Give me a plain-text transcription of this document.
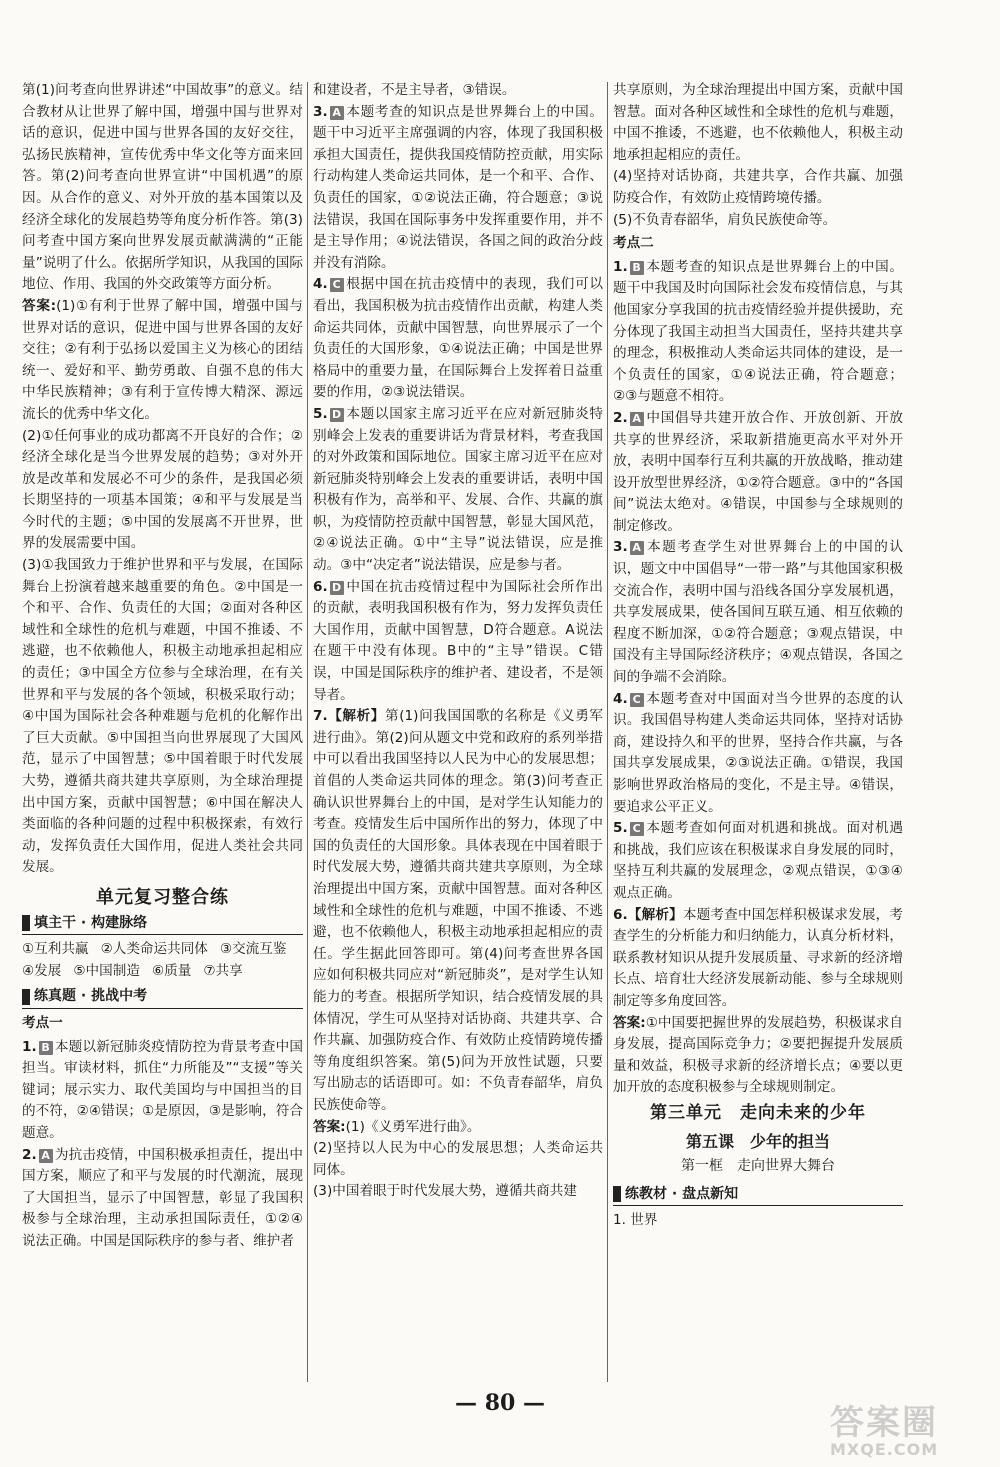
第(1)问考查向世界讲述“中国故事”的意义。结合教材从让世界了解中国，增强中国与世界对话的意识，促进中国与世界各国的友好交往，弘扬民族精神，宣传优秀中华文化等方面来回答。第(2)问考查向世界宣讲“中国机遇”的原因。从合作的意义、对外开放的基本国策以及经济全球化的发展趋势等角度分析作答。第(3)问考查中国方案向世界发展贡献满满的“正能量”说明了什么。依据所学知识，从我国的国际地位、作用、我国的外交政策等方面分析。

答案:(1)①有利于世界了解中国，增强中国与世界对话的意识，促进中国与世界各国的友好交往；②有利于弘扬以爱国主义为核心的团结统一、爱好和平、勤劳勇敢、自强不息的伟大中华民族精神；③有利于宣传博大精深、源远流长的优秀中华文化。

(2)①任何事业的成功都离不开良好的合作；②经济全球化是当今世界发展的趋势；③对外开放是改革和发展必不可少的条件，是我国必须长期坚持的一项基本国策；④和平与发展是当今时代的主题；⑤中国的发展离不开世界，世界的发展需要中国。

(3)①我国致力于维护世界和平与发展，在国际舞台上扮演着越来越重要的角色。②中国是一个和平、合作、负责任的大国；②面对各种区域性和全球性的危机与难题，中国不推诿、不逃避，也不依赖他人，积极主动地承担起相应的责任；③中国全方位参与全球治理，在有关世界和平与发展的各个领域，积极采取行动；④中国为国际社会各种难题与危机的化解作出了巨大贡献。⑤中国担当向世界展现了大国风范，显示了中国智慧；⑤中国着眼于时代发展大势，遵循共商共建共享原则，为全球治理提出中国方案，贡献中国智慧；⑥中国在解决人类面临的各种问题的过程中积极探索，有效行动，发挥负责任大国作用，促进人类社会共同发展。

单元复习整合练
填主干 · 构建脉络
①互利共赢 ②人类命运共同体 ③交流互鉴
④发展 ⑤中国制造 ⑥质量 ⑦共享
练真题 · 挑战中考
考点一

1. B 本题以新冠肺炎疫情防控为背景考查中国担当。审读材料，抓住“力所能及”“支援”等关键词；展示实力、取代美国均与中国担当的目的不符，②④错误；①是原因，③是影响，符合题意。

2. A 为抗击疫情，中国积极承担责任，提出中国方案，顺应了和平与发展的时代潮流，展现了大国担当，显示了中国智慧，彰显了我国积极参与全球治理，主动承担国际责任，①②④说法正确。中国是国际秩序的参与者、维护者

和建设者，不是主导者，③错误。

3. A 本题考查的知识点是世界舞台上的中国。题干中习近平主席强调的内容，体现了我国积极承担大国责任，提供我国疫情防控贡献，用实际行动构建人类命运共同体，是一个和平、合作、负责任的国家，①②说法正确，符合题意；③说法错误，我国在国际事务中发挥重要作用，并不是主导作用；④说法错误，各国之间的政治分歧并没有消除。

4. C 根据中国在抗击疫情中的表现，我们可以看出，我国积极为抗击疫情作出贡献，构建人类命运共同体，贡献中国智慧，向世界展示了一个负责任的大国形象，①④说法正确；中国是世界格局中的重要力量，在国际舞台上发挥着日益重要的作用，②③说法错误。

5. D 本题以国家主席习近平在应对新冠肺炎特别峰会上发表的重要讲话为背景材料，考查我国的对外政策和国际地位。国家主席习近平在应对新冠肺炎特别峰会上发表的重要讲话，表明中国积极有作为，高举和平、发展、合作、共赢的旗帜，为疫情防控贡献中国智慧，彰显大国风范，②④说法正确。①中“主导”说法错误，应是推动。③中“决定者”说法错误，应是参与者。

6. D 中国在抗击疫情过程中为国际社会所作出的贡献，表明我国积极有作为，努力发挥负责任大国作用，贡献中国智慧，D符合题意。A说法在题干中没有体现。B中的“主导”错误。C错误，中国是国际秩序的维护者、建设者，不是领导者。

7.【解析】第(1)问我国国歌的名称是《义勇军进行曲》。第(2)问从题文中党和政府的系列举措中可以看出我国坚持以人民为中心的发展思想；首倡的人类命运共同体的理念。第(3)问考查正确认识世界舞台上的中国，是对学生认知能力的考查。疫情发生后中国所作出的努力，体现了中国的负责任的大国形象。具体表现在中国着眼于时代发展大势，遵循共商共建共享原则，为全球治理提出中国方案，贡献中国智慧。面对各种区域性和全球性的危机与难题，中国不推诿、不逃避，也不依赖他人，积极主动地承担起相应的责任。学生据此回答即可。第(4)问考查世界各国应如何积极共同应对“新冠肺炎”，是对学生认知能力的考查。根据所学知识，结合疫情发展的具体情况，学生可从坚持对话协商、共建共享、合作共赢、加强防疫合作、有效防止疫情跨境传播等角度组织答案。第(5)问为开放性试题，只要写出励志的话语即可。如：不负青春韶华，肩负民族使命等。

答案:(1)《义勇军进行曲》。

(2)坚持以人民为中心的发展思想；人类命运共同体。

(3)中国着眼于时代发展大势，遵循共商共建

共享原则，为全球治理提出中国方案，贡献中国智慧。面对各种区域性和全球性的危机与难题，中国不推诿，不逃避，也不依赖他人，积极主动地承担起相应的责任。

(4)坚持对话协商，共建共享，合作共赢、加强防疫合作，有效防止疫情跨境传播。

(5)不负青春韶华，肩负民族使命等。

考点二

1. B 本题考查的知识点是世界舞台上的中国。题干中我国及时向国际社会发布疫情信息，与其他国家分享我国的抗击疫情经验并提供援助，充分体现了我国主动担当大国责任，坚持共建共享的理念，积极推动人类命运共同体的建设，是一个负责任的国家，①④说法正确，符合题意；②③与题意不相符。

2. A 中国倡导共建开放合作、开放创新、开放共享的世界经济，采取新措施更高水平对外开放，表明中国奉行互利共赢的开放战略，推动建设开放型世界经济，①②符合题意。③中的“各国间”说法太绝对。④错误，中国参与全球规则的制定修改。

3. A 本题考查学生对世界舞台上的中国的认识，题文中中国倡导“一带一路”与其他国家积极交流合作，表明中国与沿线各国分享发展机遇，共享发展成果，使各国间互联互通、相互依赖的程度不断加深，①②符合题意；③观点错误，中国没有主导国际经济秩序；④观点错误，各国之间的争端不会消除。

4. C 本题考查对中国面对当今世界的态度的认识。我国倡导构建人类命运共同体，坚持对话协商，建设持久和平的世界，坚持合作共赢，与各国共享发展成果，②③说法正确。①错误，我国影响世界政治格局的变化，不是主导。④错误，要追求公平正义。

5. C 本题考查如何面对机遇和挑战。面对机遇和挑战，我们应该在积极谋求自身发展的同时，坚持互利共赢的发展理念，②观点错误，①③④观点正确。

6.【解析】本题考查中国怎样积极谋求发展，考查学生的分析能力和归纳能力，认真分析材料，联系教材知识从提升发展质量、寻求新的经济增长点、培育壮大经济发展新动能、参与全球规则制定等多角度回答。

答案:①中国要把握世界的发展趋势，积极谋求自身发展，提高国际竞争力；②要把握提升发展质量和效益，积极寻求新的经济增长点；④要以更加开放的态度积极参与全球规则制定。

第三单元　走向未来的少年
第五课　少年的担当
第一框　走向世界大舞台
练教材 · 盘点新知

1. 世界

— 80 —	答案圈
MXQE.COM
